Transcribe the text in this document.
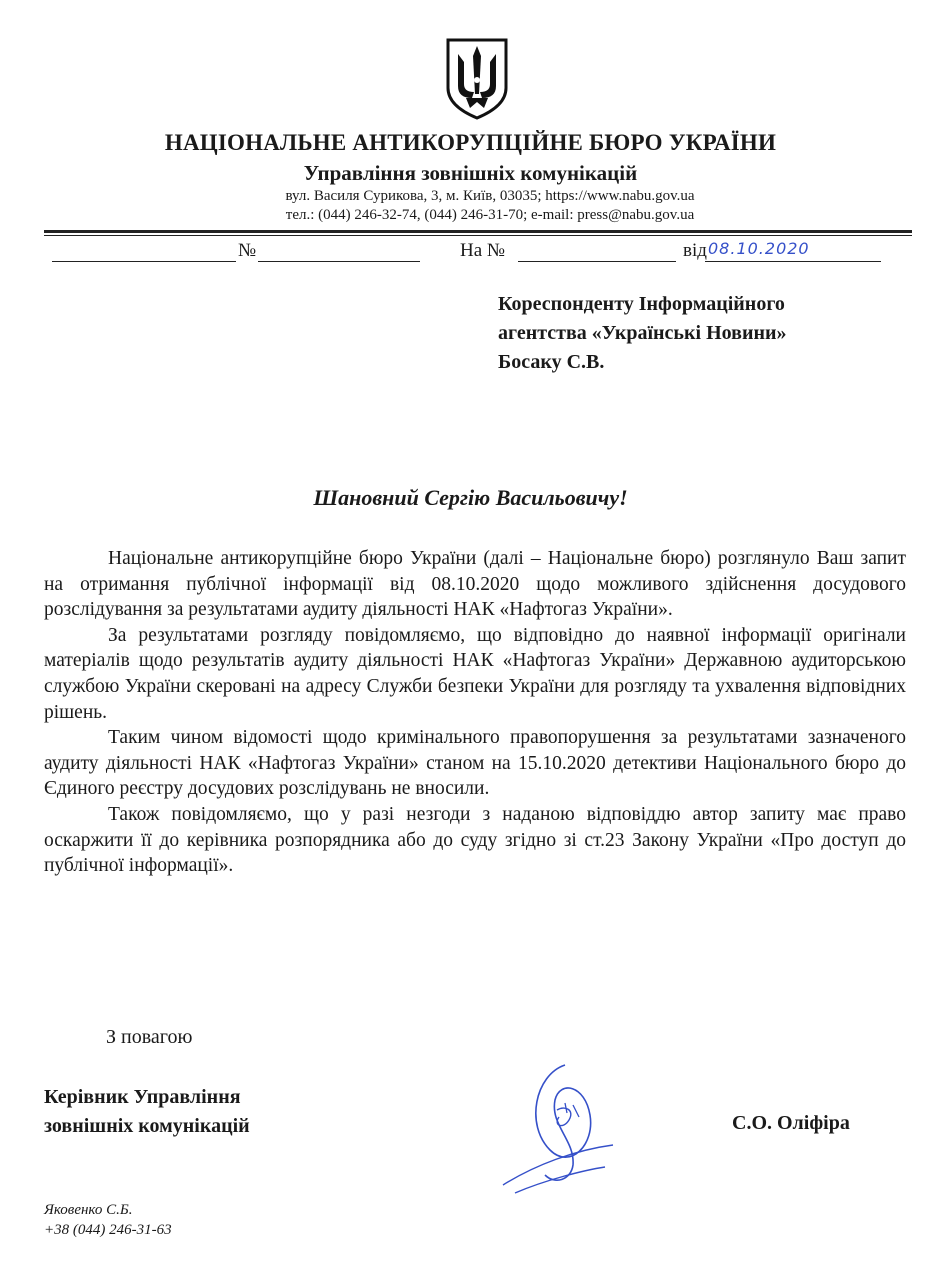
НАЦІОНАЛЬНЕ АНТИКОРУПЦІЙНЕ БЮРО УКРАЇНИ
Управління зовнішніх комунікацій
вул. Василя Сурикова, 3, м. Київ, 03035; https://www.nabu.gov.ua
тел.: (044) 246-32-74, (044) 246-31-70; e-mail: press@nabu.gov.ua
№	На №	від 08.10.2020
Кореспонденту Інформаційного
агентства «Українські Новини»
Босаку С.В.
Шановний Сергію Васильовичу!

Національне антикорупційне бюро України (далі – Національне бюро) розглянуло Ваш запит на отримання публічної інформації від 08.10.2020 щодо можливого здійснення досудового розслідування за результатами аудиту діяльності НАК «Нафтогаз України».

За результатами розгляду повідомляємо, що відповідно до наявної інформації оригінали матеріалів щодо результатів аудиту діяльності НАК «Нафтогаз України» Державною аудиторською службою України скеровані на адресу Служби безпеки України для розгляду та ухвалення відповідних рішень.

Таким чином відомості щодо кримінального правопорушення за результатами зазначеного аудиту діяльності НАК «Нафтогаз України» станом на 15.10.2020 детективи Національного бюро до Єдиного реєстру досудових розслідувань не вносили.

Також повідомляємо, що у разі незгоди з наданою відповіддю автор запиту має право оскаржити її до керівника розпорядника або до суду згідно зі ст.23 Закону України «Про доступ до публічної інформації».

З повагою
Керівник Управління
зовнішніх комунікацій	С.О. Оліфіра
Яковенко С.Б.
+38 (044) 246-31-63
